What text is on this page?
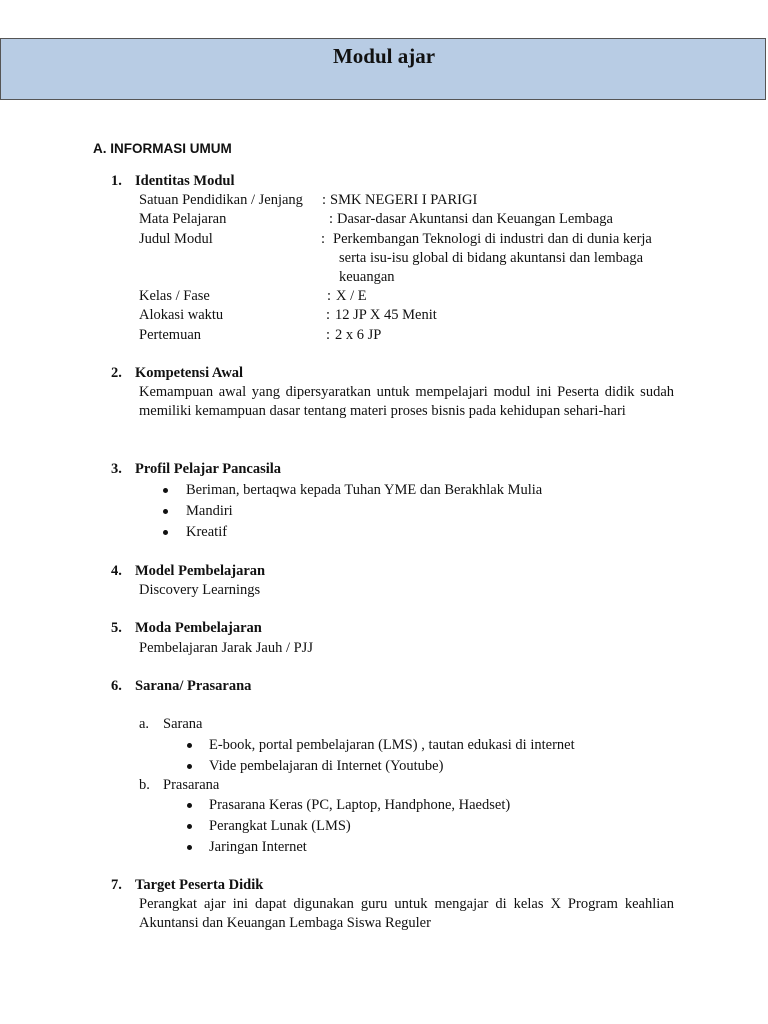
Modul ajar
A. INFORMASI UMUM
1. Identitas Modul
Satuan Pendidikan / Jenjang : SMK NEGERI I PARIGI
Mata Pelajaran	: Dasar-dasar Akuntansi dan Keuangan Lembaga
Judul Modul	: Perkembangan Teknologi di industri dan di dunia kerja
serta isu-isu global di bidang akuntansi dan lembaga
keuangan
Kelas / Fase	: X / E
Alokasi waktu	: 12 JP X 45 Menit
Pertemuan	: 2 x 6 JP
2. Kompetensi Awal
Kemampuan awal yang dipersyaratkan untuk mempelajari modul ini Peserta didik sudah memiliki kemampuan dasar tentang materi proses bisnis pada kehidupan sehari-hari
3. Profil Pelajar Pancasila
Beriman, bertaqwa kepada Tuhan YME dan Berakhlak Mulia
Mandiri
Kreatif
4. Model Pembelajaran
Discovery Learnings
5. Moda Pembelajaran
Pembelajaran Jarak Jauh / PJJ
6. Sarana/ Prasarana
a. Sarana
E-book, portal pembelajaran (LMS) , tautan edukasi di internet
Vide pembelajaran di Internet (Youtube)
b. Prasarana
Prasarana Keras (PC, Laptop, Handphone, Haedset)
Perangkat Lunak (LMS)
Jaringan Internet
7. Target Peserta Didik
Perangkat ajar ini dapat digunakan guru untuk mengajar di kelas X Program keahlian Akuntansi dan Keuangan Lembaga Siswa Reguler
